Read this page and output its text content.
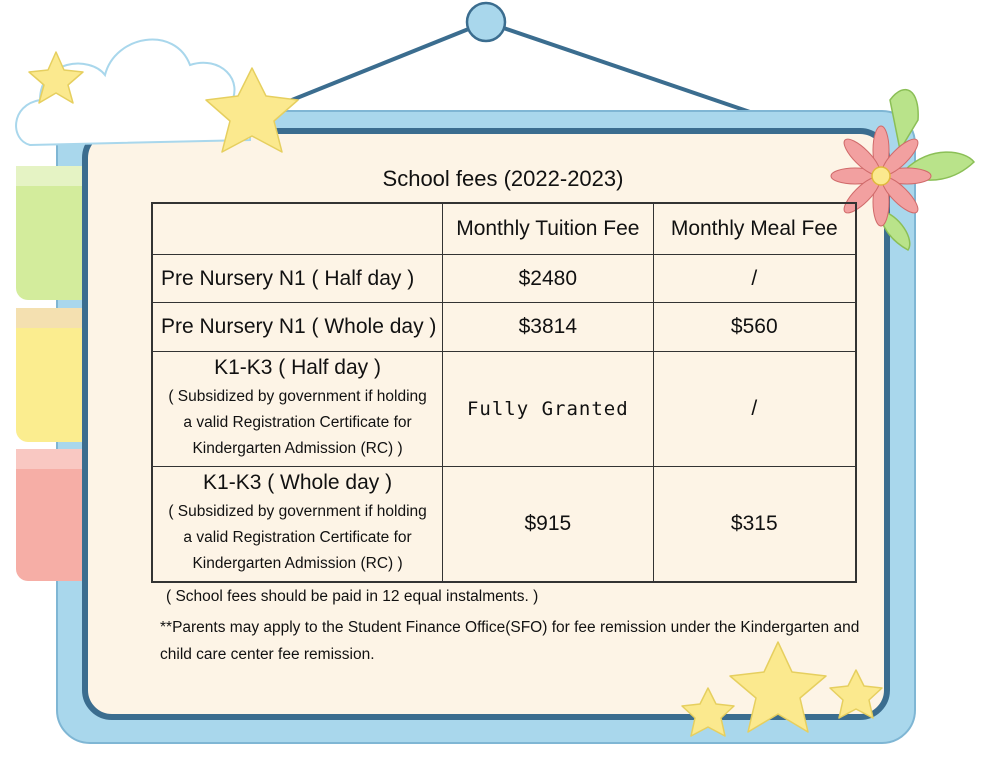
School fees (2022-2023)
	Monthly Tuition Fee	Monthly Meal Fee
Pre Nursery N1 ( Half day )	$2480	/
Pre Nursery N1 ( Whole day )	$3814	$560

K1-K3 ( Half day )
( Subsidized by government if holding
a valid Registration Certificate for
Kindergarten Admission (RC) )	Fully Granted	/

K1-K3 ( Whole day )
( Subsidized by government if holding
a valid Registration Certificate for
Kindergarten Admission (RC) )	$915	$315
( School fees should be paid in 12 equal instalments. )
**Parents may apply to the Student Finance Office(SFO) for fee remission under the Kindergarten and child care center fee remission.
